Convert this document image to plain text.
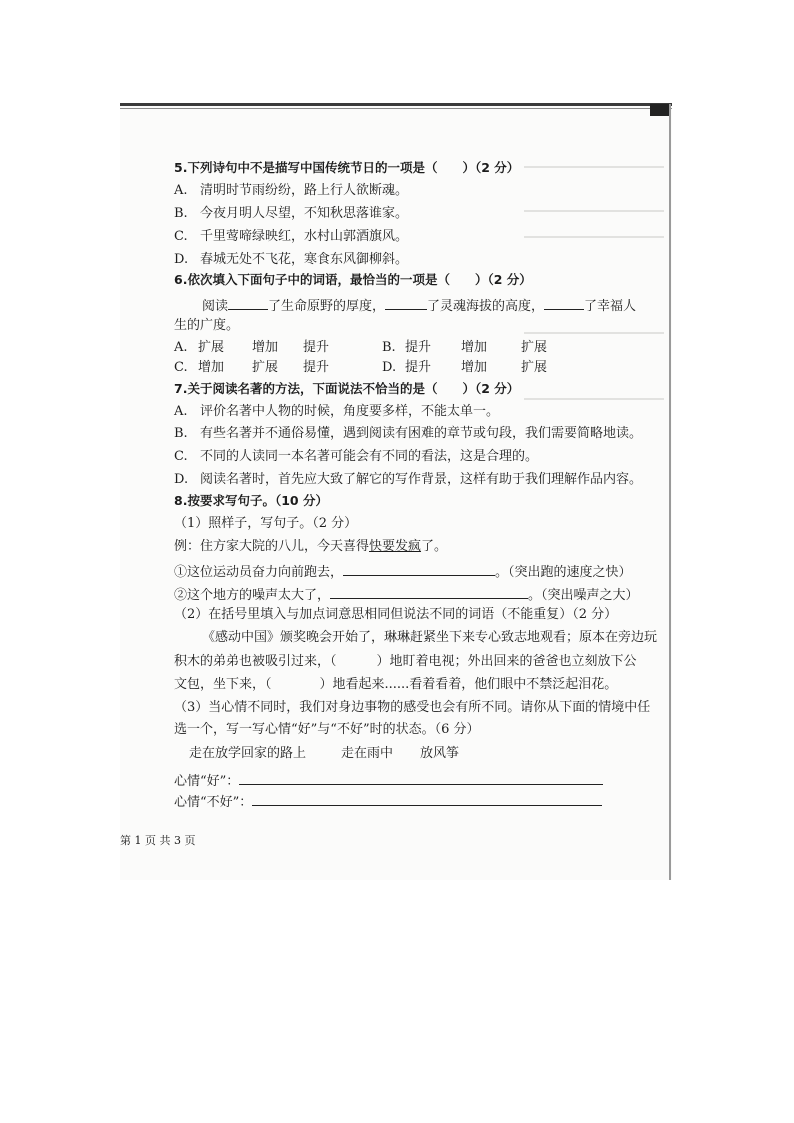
5.下列诗句中不是描写中国传统节日的一项是（　　）（2 分）
A. 清明时节雨纷纷，路上行人欲断魂。
B. 今夜月明人尽望，不知秋思落谁家。
C. 千里莺啼绿映红，水村山郭酒旗风。
D. 春城无处不飞花，寒食东风御柳斜。
6.依次填入下面句子中的词语，最恰当的一项是（　　）（2 分）
阅读	了生命原野的厚度，	了灵魂海拔的高度，	了幸福人
生的广度。
A. 扩展 增加 提升	B. 提升 增加	扩展
C. 增加 扩展 提升	D. 提升 增加	扩展
7.关于阅读名著的方法，下面说法不恰当的是（　　）（2 分）
A. 评价名著中人物的时候，角度要多样，不能太单一。
B. 有些名著并不通俗易懂，遇到阅读有困难的章节或句段，我们需要简略地读。
C. 不同的人读同一本名著可能会有不同的看法，这是合理的。
D. 阅读名著时，首先应大致了解它的写作背景，这样有助于我们理解作品内容。
8.按要求写句子。（10 分）
（1）照样子，写句子。（2 分）
例：住方家大院的八儿，今天喜得快要发疯了。
①这位运动员奋力向前跑去，	。（突出跑的速度之快）
②这个地方的噪声太大了，	。（突出噪声之大）
（2）在括号里填入与加点词意思相同但说法不同的词语（不能重复）（2 分）
《感动中国》颁奖晚会开始了，琳琳赶紧坐下来专心致志地观看；原本在旁边玩
积木的弟弟也被吸引过来，（	）地盯着电视；外出回来的爸爸也立刻放下公
文包，坐下来，（	）地看起来......看着看着，他们眼中不禁泛起泪花。
（3）当心情不同时，我们对身边事物的感受也会有所不同。请你从下面的情境中任
选一个，写一写心情“好”与“不好”时的状态。（6 分）
走在放学回家的路上	走在雨中 放风筝
心情“好”：
心情“不好”：
第 1 页 共 3 页
